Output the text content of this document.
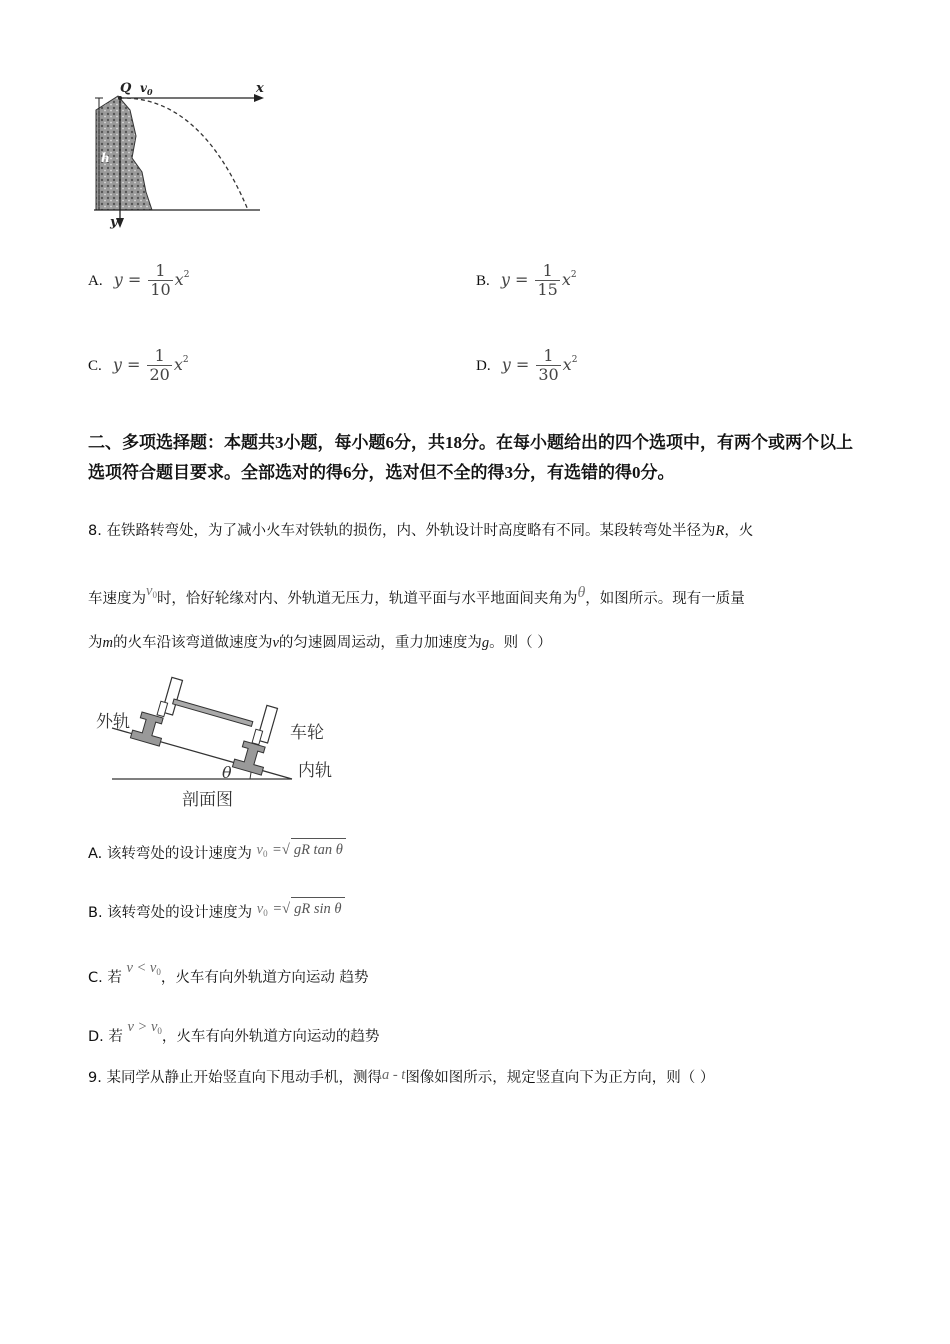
Q $v_0$	x
y
h
A. $y = \frac{1}{10} x^2$	B. $y = \frac{1}{15} x^2$
C. $y = \frac{1}{20} x^2$	D. $y = \frac{1}{30} x^2$
二、多项选择题：本题共3小题，每小题6分，共18分。在每小题给出的四个选项中，有两个或两个以上选项符合题目要求。全部选对的得6分，选对但不全的得3分，有选错的得0分。
8. 在铁路转弯处，为了减小火车对铁轨的损伤，内、外轨设计时高度略有不同。某段转弯处半径为R，火
车速度为$v_0$时，恰好轮缘对内、外轨道无压力，轨道平面与水平地面间夹角为θ，如图所示。现有一质量
为m的火车沿该弯道做速度为v的匀速圆周运动，重力加速度为g。则（ ）
外轨
车轮
内轨
θ
剖面图
A. 该转弯处的设计速度为 $v_0$ =√ gR tan θ
B. 该转弯处的设计速度为 $v_0$ =√ gR sin θ
C. 若 $v < v_0$，火车有向外轨道方向运动 趋势
D. 若 $v > v_0$，火车有向外轨道方向运动的趋势
9. 某同学从静止开始竖直向下甩动手机，测得a - t图像如图所示，规定竖直向下为正方向，则（ ）
